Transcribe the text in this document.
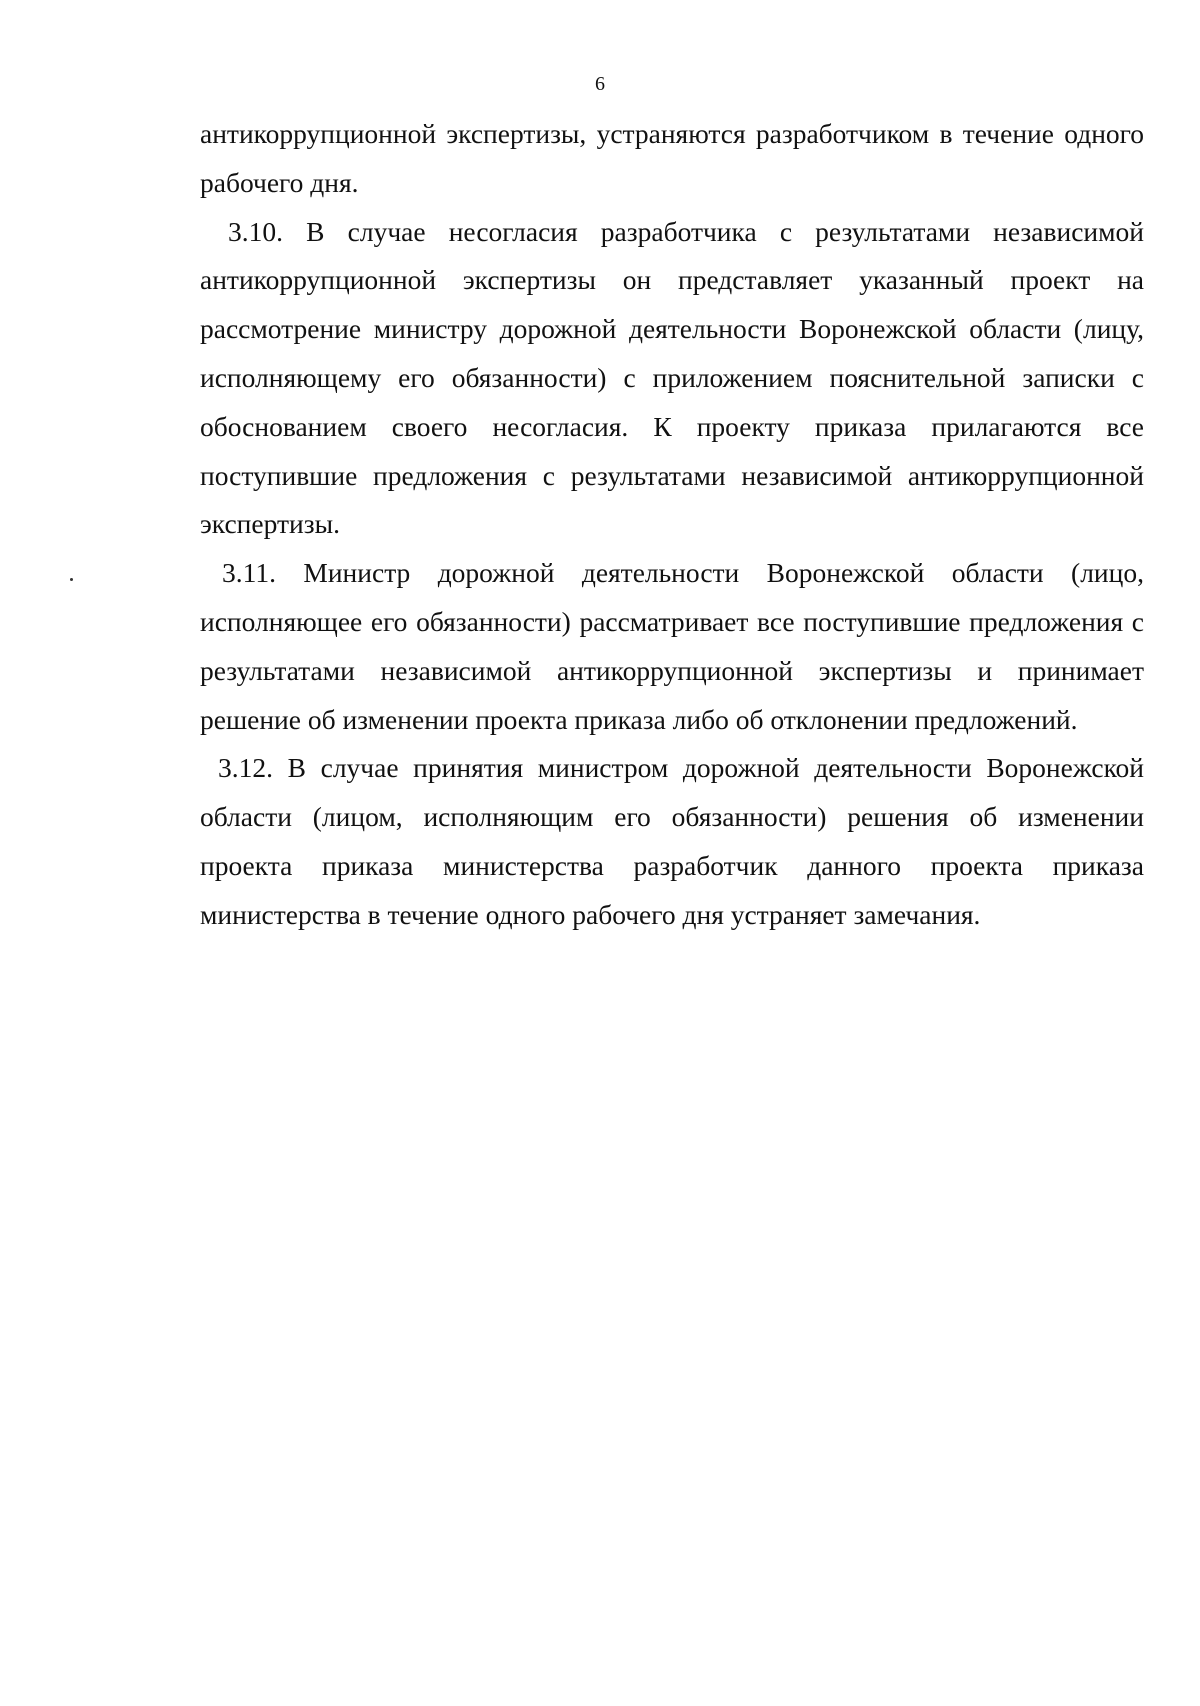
6

антикоррупционной экспертизы, устраняются разработчиком в течение одного рабочего дня.

3.10. В случае несогласия разработчика с результатами независимой антикоррупционной экспертизы он представляет указанный проект на рассмотрение министру дорожной деятельности Воронежской области (лицу, исполняющему его обязанности) с приложением пояснительной записки с обоснованием своего несогласия. К проекту приказа прилагаются все поступившие предложения с результатами независимой антикоррупционной экспертизы.

3.11. Министр дорожной деятельности Воронежской области (лицо, исполняющее его обязанности) рассматривает все поступившие предложения с результатами независимой антикоррупционной экспертизы и принимает решение об изменении проекта приказа либо об отклонении предложений.

3.12. В случае принятия министром дорожной деятельности Воронежской области (лицом, исполняющим его обязанности) решения об изменении проекта приказа министерства разработчик данного проекта приказа министерства в течение одного рабочего дня устраняет замечания.
